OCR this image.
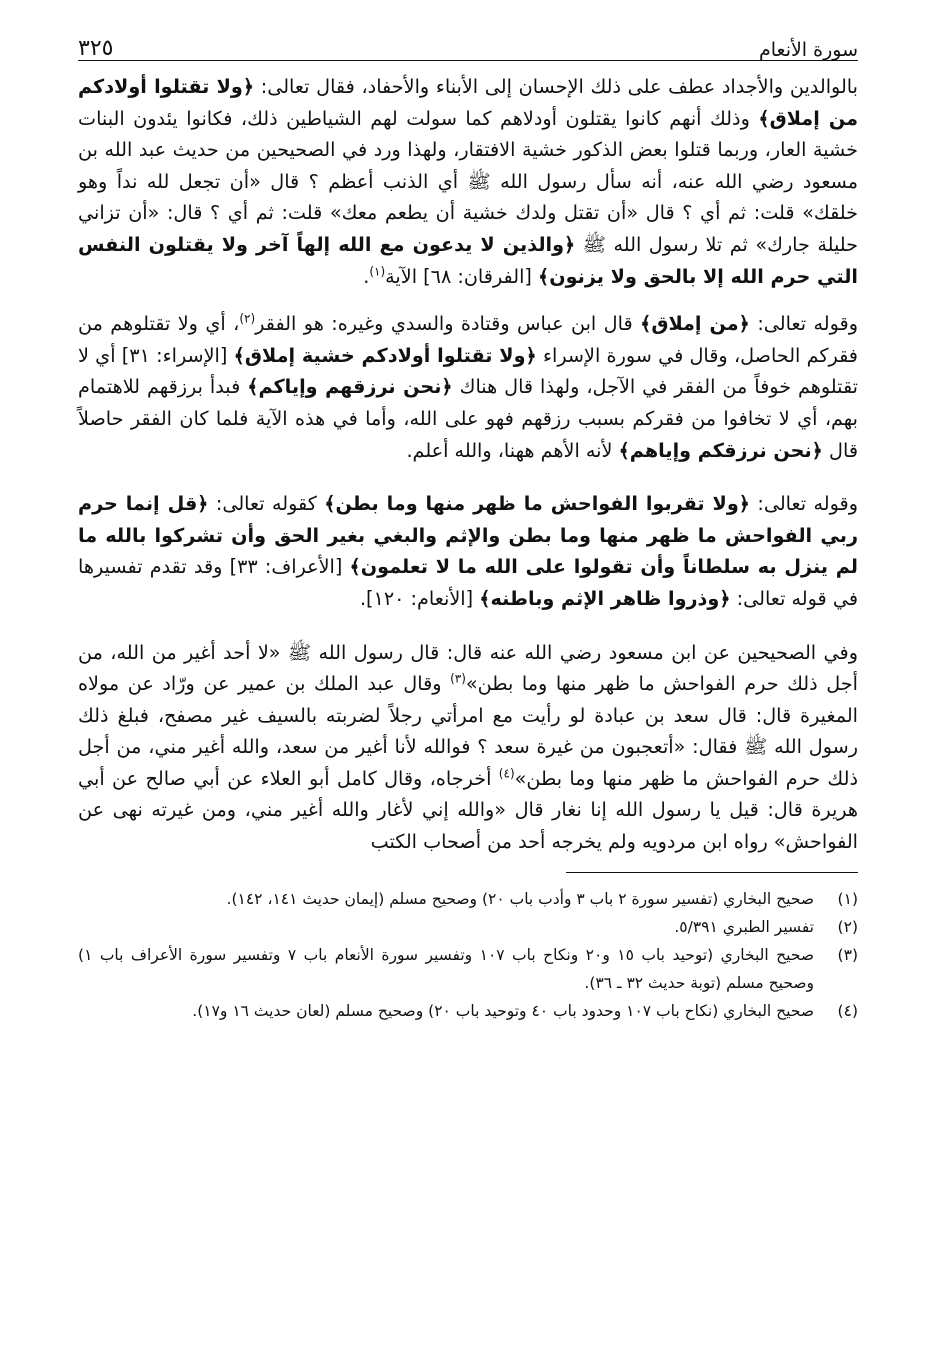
سورة الأنعام
٣٢٥

بالوالدين والأجداد عطف على ذلك الإحسان إلى الأبناء والأحفاد، فقال تعالى: ﴿ولا تقتلوا أولادكم من إملاق﴾ وذلك أنهم كانوا يقتلون أودلاهم كما سولت لهم الشياطين ذلك، فكانوا يئدون البنات خشية العار، وربما قتلوا بعض الذكور خشية الافتقار، ولهذا ورد في الصحيحين من حديث عبد الله بن مسعود رضي الله عنه، أنه سأل رسول الله ﷺ أي الذنب أعظم ؟ قال «أن تجعل لله نداً وهو خلقك» قلت: ثم أي ؟ قال «أن تقتل ولدك خشية أن يطعم معك» قلت: ثم أي ؟ قال: «أن تزاني حليلة جارك» ثم تلا رسول الله ﷺ ﴿والذين لا يدعون مع الله إلهاً آخر ولا يقتلون النفس التي حرم الله إلا بالحق ولا يزنون﴾ [الفرقان: ٦٨] الآية$^{(١)}$.

وقوله تعالى: ﴿من إملاق﴾ قال ابن عباس وقتادة والسدي وغيره: هو الفقر$^{(٢)}$، أي ولا تقتلوهم من فقركم الحاصل، وقال في سورة الإسراء ﴿ولا تقتلوا أولادكم خشية إملاق﴾ [الإسراء: ٣١] أي لا تقتلوهم خوفاً من الفقر في الآجل، ولهذا قال هناك ﴿نحن نرزقهم وإياكم﴾ فبدأ برزقهم للاهتمام بهم، أي لا تخافوا من فقركم بسبب رزقهم فهو على الله، وأما في هذه الآية فلما كان الفقر حاصلاً قال ﴿نحن نرزقكم وإياهم﴾ لأنه الأهم ههنا، والله أعلم.

وقوله تعالى: ﴿ولا تقربوا الفواحش ما ظهر منها وما بطن﴾ كقوله تعالى: ﴿قل إنما حرم ربي الفواحش ما ظهر منها وما بطن والإثم والبغي بغير الحق وأن تشركوا بالله ما لم ينزل به سلطاناً وأن تقولوا على الله ما لا تعلمون﴾ [الأعراف: ٣٣] وقد تقدم تفسيرها في قوله تعالى: ﴿وذروا ظاهر الإثم وباطنه﴾ [الأنعام: ١٢٠].

وفي الصحيحين عن ابن مسعود رضي الله عنه قال: قال رسول الله ﷺ «لا أحد أغير من الله، من أجل ذلك حرم الفواحش ما ظهر منها وما بطن»$^{(٣)}$ وقال عبد الملك بن عمير عن ورّاد عن مولاه المغيرة قال: قال سعد بن عبادة لو رأيت مع امرأتي رجلاً لضربته بالسيف غير مصفح، فبلغ ذلك رسول الله ﷺ فقال: «أتعجبون من غيرة سعد ؟ فوالله لأنا أغير من سعد، والله أغير مني، من أجل ذلك حرم الفواحش ما ظهر منها وما بطن»$^{(٤)}$ أخرجاه، وقال كامل أبو العلاء عن أبي صالح عن أبي هريرة قال: قيل يا رسول الله إنا نغار قال «والله إني لأغار والله أغير مني، ومن غيرته نهى عن الفواحش» رواه ابن مردويه ولم يخرجه أحد من أصحاب الكتب

(١)
صحيح البخاري (تفسير سورة ٢ باب ٣ وأدب باب ٢٠) وصحيح مسلم (إيمان حديث ١٤١، ١٤٢).
(٢)
تفسير الطبري ٥/٣٩١.
(٣)
صحيح البخاري (توحيد باب ١٥ و٢٠ ونكاح باب ١٠٧ وتفسير سورة الأنعام باب ٧ وتفسير سورة الأعراف باب ١) وصحيح مسلم (توبة حديث ٣٢ ـ ٣٦).
(٤)
صحيح البخاري (نكاح باب ١٠٧ وحدود باب ٤٠ وتوحيد باب ٢٠) وصحيح مسلم (لعان حديث ١٦ و١٧).
